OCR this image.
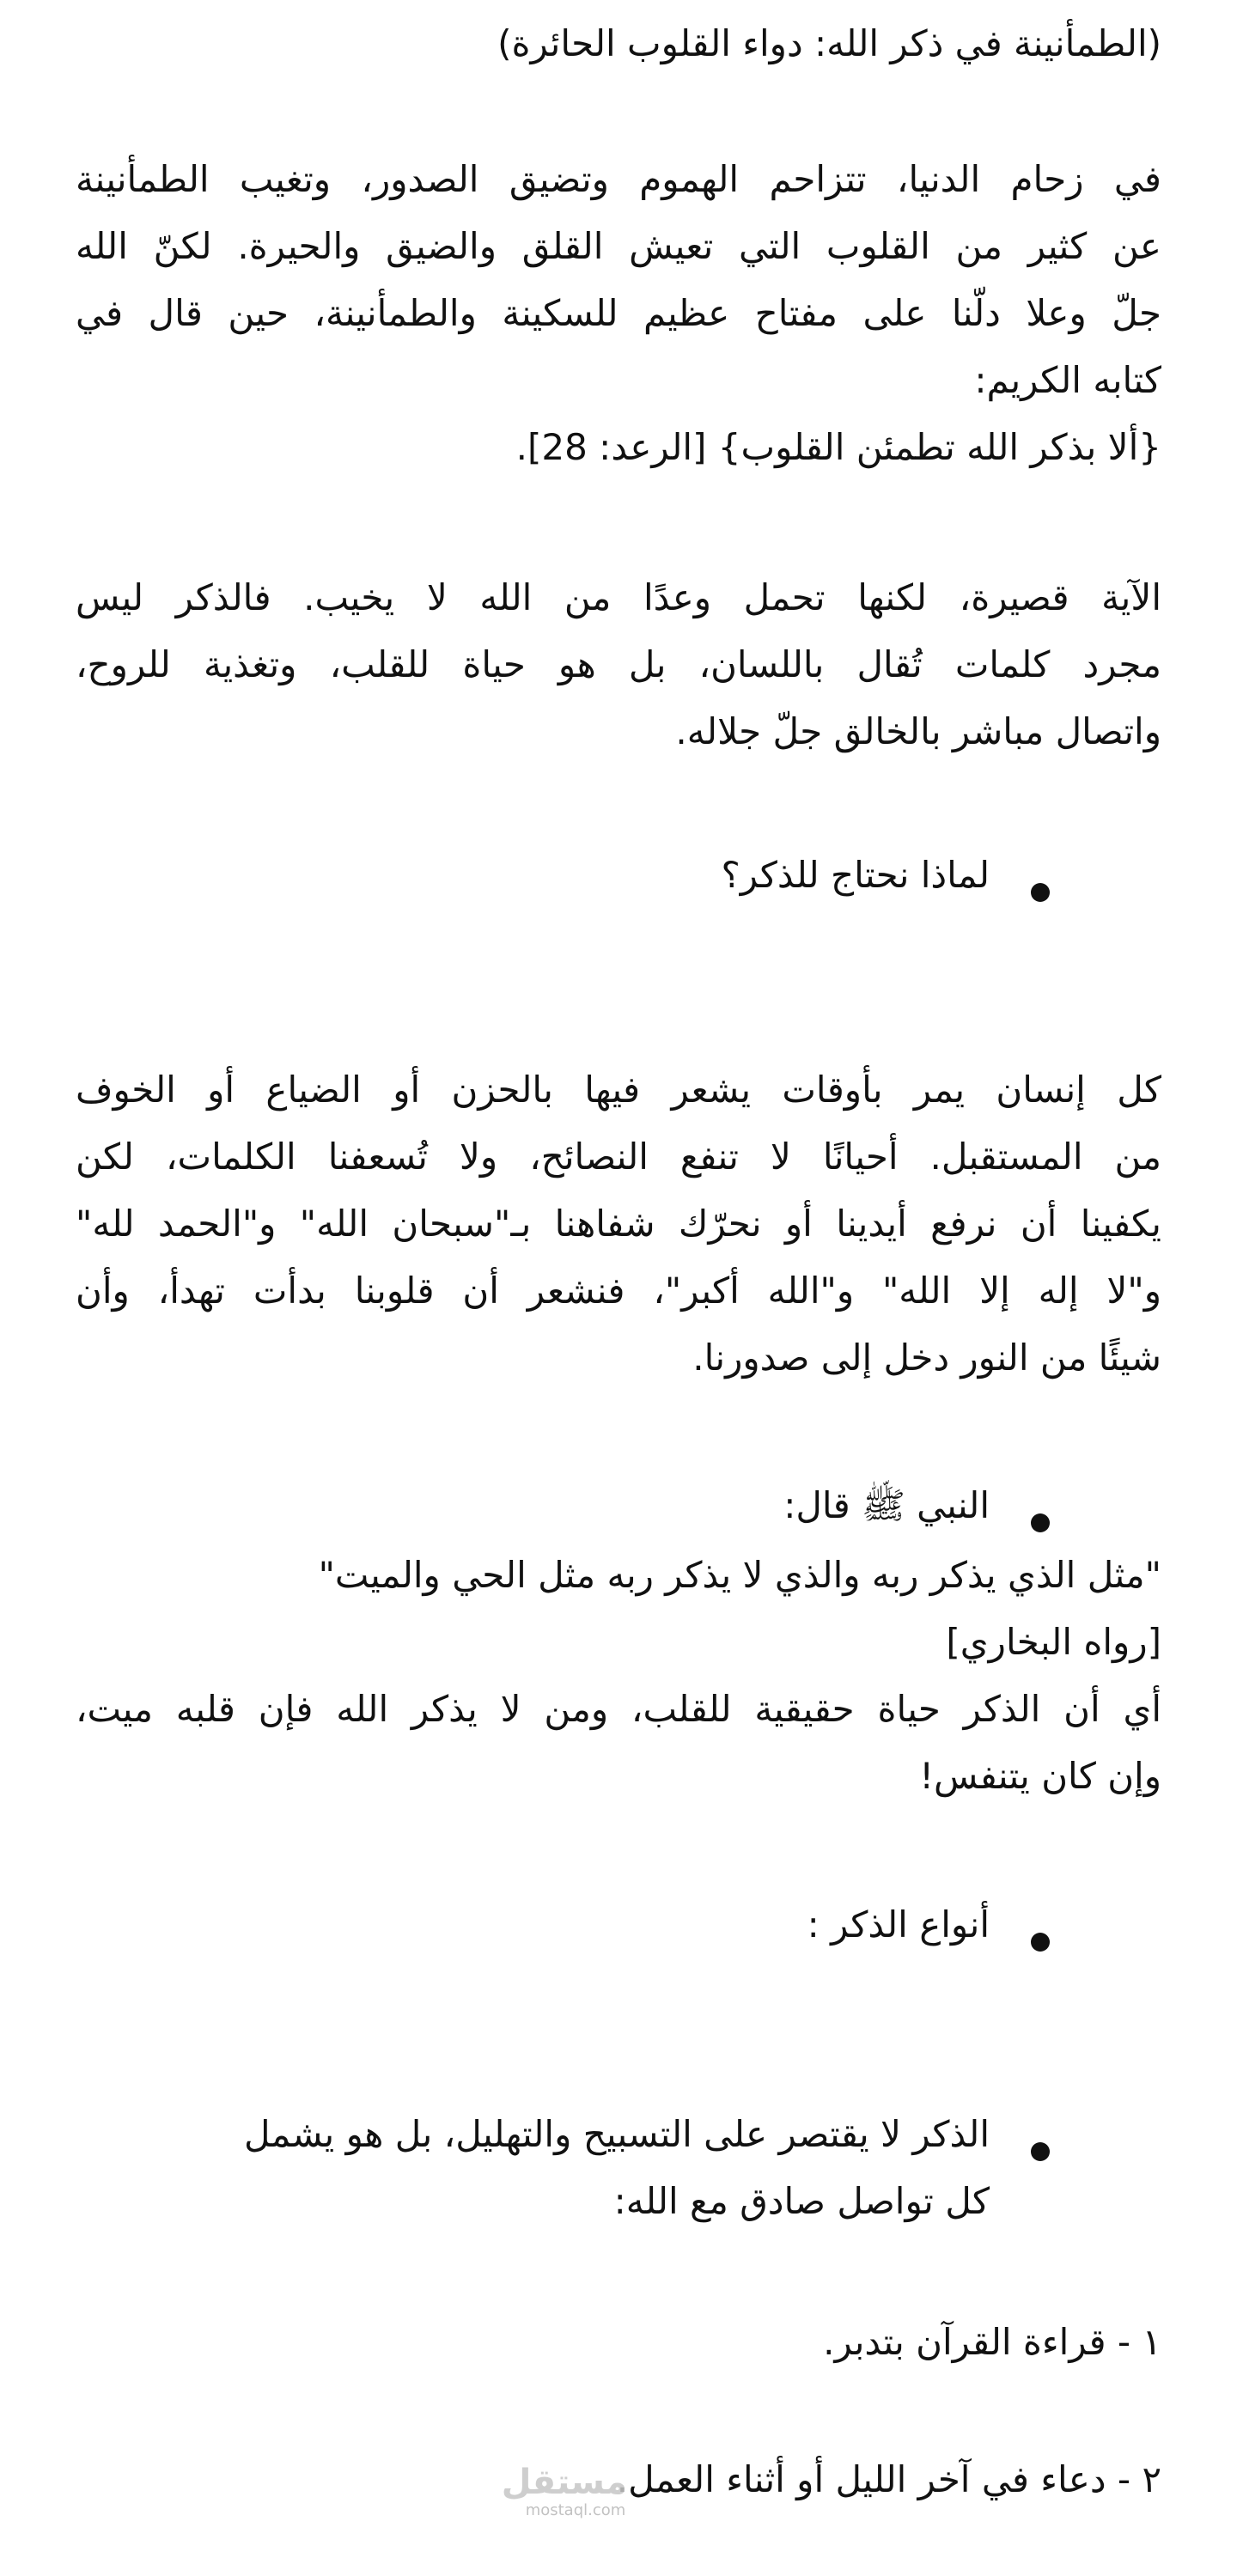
(الطمأنينة في ذكر الله: دواء القلوب الحائرة)
في زحام الدنيا، تتزاحم الهموم وتضيق الصدور، وتغيب الطمأنينة
عن كثير من القلوب التي تعيش القلق والضيق والحيرة. لكنّ الله
جلّ وعلا دلّنا على مفتاح عظيم للسكينة والطمأنينة، حين قال في
كتابه الكريم:
{ألا بذكر الله تطمئن القلوب} [الرعد: 28].
الآية قصيرة، لكنها تحمل وعدًا من الله لا يخيب. فالذكر ليس
مجرد كلمات تُقال باللسان، بل هو حياة للقلب، وتغذية للروح،
واتصال مباشر بالخالق جلّ جلاله.
لماذا نحتاج للذكر؟
كل إنسان يمر بأوقات يشعر فيها بالحزن أو الضياع أو الخوف
من المستقبل. أحيانًا لا تنفع النصائح، ولا تُسعفنا الكلمات، لكن
يكفينا أن نرفع أيدينا أو نحرّك شفاهنا بـ"سبحان الله" و"الحمد لله"
و"لا إله إلا الله" و"الله أكبر"، فنشعر أن قلوبنا بدأت تهدأ، وأن
شيئًا من النور دخل إلى صدورنا.
النبي ﷺ قال:
"مثل الذي يذكر ربه والذي لا يذكر ربه مثل الحي والميت"
[رواه البخاري]
أي أن الذكر حياة حقيقية للقلب، ومن لا يذكر الله فإن قلبه ميت،
وإن كان يتنفس!
أنواع الذكر :
الذكر لا يقتصر على التسبيح والتهليل، بل هو يشمل
كل تواصل صادق مع الله:
١ - قراءة القرآن بتدبر.
٢ - دعاء في آخر الليل أو أثناء العمل.
مستقل
mostaql.com
